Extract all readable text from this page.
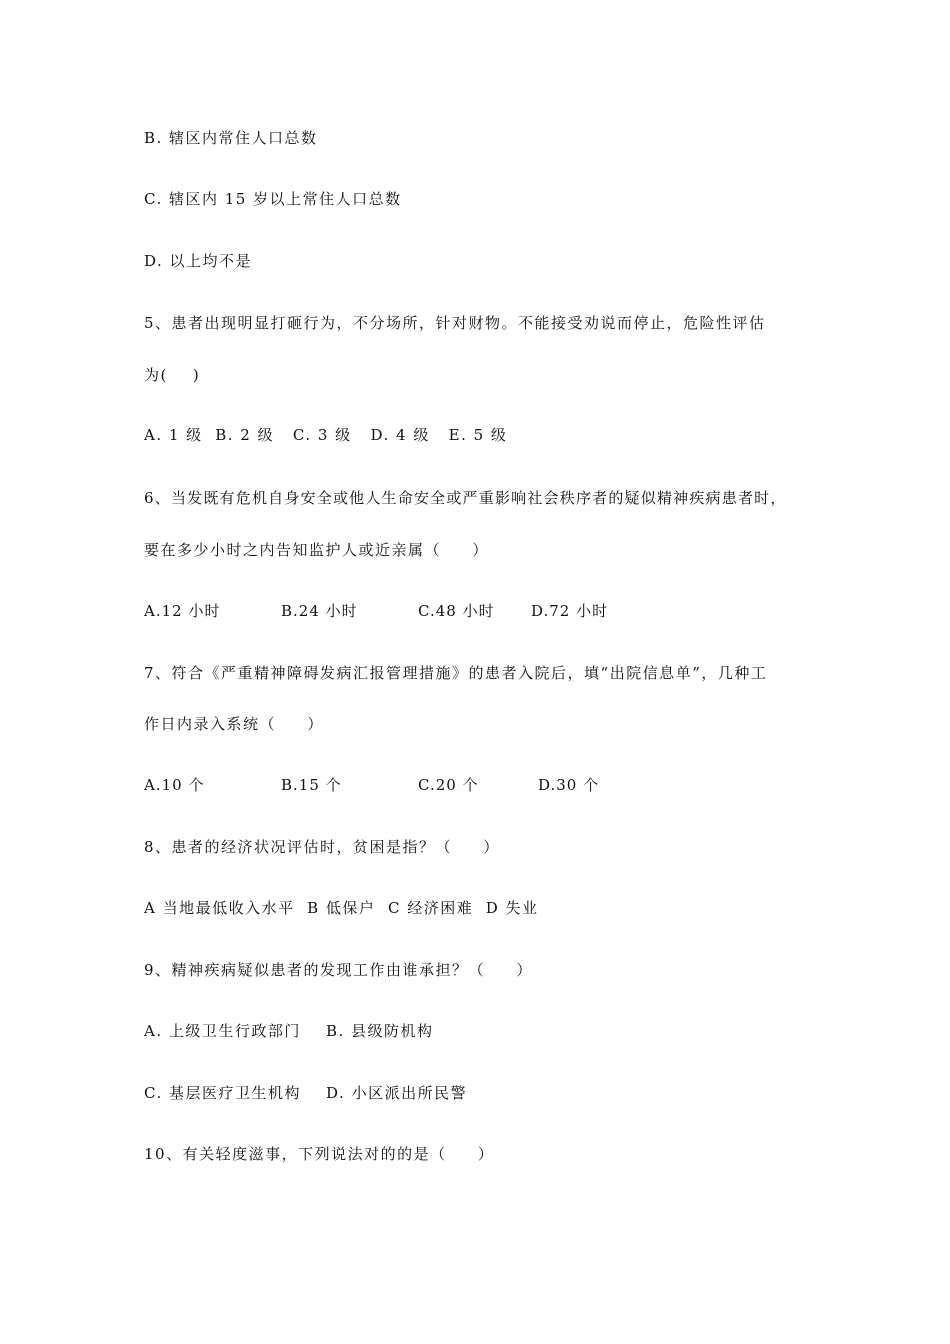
B. 辖区内常住人口总数
C. 辖区内 15 岁以上常住人口总数
D. 以上均不是
5、患者出现明显打砸行为，不分场所，针对财物。不能接受劝说而停止，危险性评估
为(    )
A. 1 级  B. 2 级   C. 3 级   D. 4 级   E. 5 级
6、当发既有危机自身安全或他人生命安全或严重影响社会秩序者的疑似精神疾病患者时，
要在多少小时之内告知监护人或近亲属（     ）
A.12 小时	B.24 小时	C.48 小时 D.72 小时
7、符合《严重精神障碍发病汇报管理措施》的患者入院后，填“出院信息单”，几种工
作日内录入系统（     ）
A.10 个	B.15 个	C.20 个	D.30 个
8、患者的经济状况评估时，贫困是指？（     ）
A 当地最低收入水平  B 低保户  C 经济困难  D 失业
9、精神疾病疑似患者的发现工作由谁承担？（     ）
A. 上级卫生行政部门    B. 县级防机构
C. 基层医疗卫生机构    D. 小区派出所民警
10、有关轻度滋事，下列说法对的的是（     ）
